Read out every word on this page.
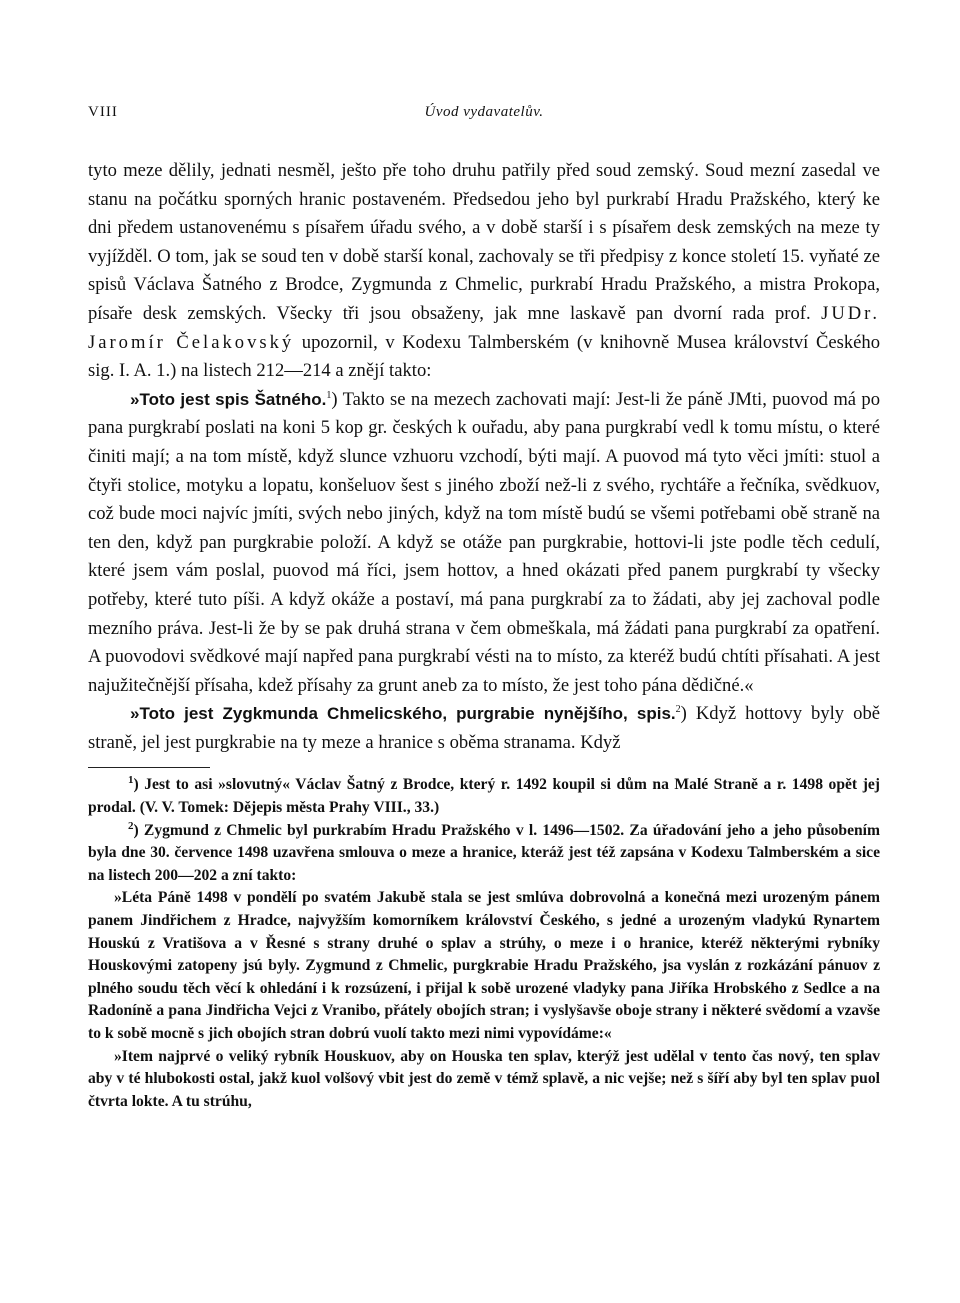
VIII	Úvod vydavatelův.

tyto meze dělily, jednati nesměl, ješto pře toho druhu patřily před soud zemský. Soud mezní zasedal ve stanu na počátku sporných hranic postaveném. Předsedou jeho byl purkrabí Hradu Pražského, který ke dni předem ustanovenému s písařem úřadu svého, a v době starší i s písařem desk zemských na meze ty vyjížděl. O tom, jak se soud ten v době starší konal, zachovaly se tři předpisy z konce století 15. vyňaté ze spisů Václava Šatného z Brodce, Zygmunda z Chmelic, purkrabí Hradu Pražského, a mistra Prokopa, písaře desk zemských. Všecky tři jsou obsaženy, jak mne laskavě pan dvorní rada prof. JUDr. Jaromír Čelakovský upozornil, v Kodexu Talmberském (v knihovně Musea království Českého sig. I. A. 1.) na listech 212—214 a znějí takto:

»Toto jest spis Šatného.$^1$) Takto se na mezech zachovati mají: Jest-li že páně JMti, puovod má po pana purgkrabí poslati na koni 5 kop gr. českých k ouřadu, aby pana purgkrabí vedl k tomu místu, o které činiti mají; a na tom místě, když slunce vzhuoru vzchodí, býti mají. A puovod má tyto věci jmíti: stuol a čtyři stolice, motyku a lopatu, konšeluov šest s jiného zboží než-li z svého, rychtáře a řečníka, svědkuov, což bude moci najvíc jmíti, svých nebo jiných, když na tom místě budú se všemi potřebami obě straně na ten den, když pan purgkrabie položí. A když se otáže pan purgkrabie, hottovi-li jste podle těch cedulí, které jsem vám poslal, puovod má říci, jsem hottov, a hned okázati před panem purgkrabí ty všecky potřeby, které tuto píši. A když okáže a postaví, má pana purgkrabí za to žádati, aby jej zachoval podle mezního práva. Jest-li že by se pak druhá strana v čem obmeškala, má žádati pana purgkrabí za opatření. A puovodovi svědkové mají napřed pana purgkrabí vésti na to místo, za kteréž budú chtíti přísahati. A jest najužitečnější přísaha, kdež přísahy za grunt aneb za to místo, že jest toho pána dědičné.«

»Toto jest Zygkmunda Chmelicského, purgrabie nynějšího, spis.$^2$) Když hottovy byly obě straně, jel jest purgkrabie na ty meze a hranice s oběma stranama. Když

$^1$) Jest to asi »slovutný« Václav Šatný z Brodce, který r. 1492 koupil si dům na Malé Straně a r. 1498 opět jej prodal. (V. V. Tomek: Dějepis města Prahy VIII., 33.)

$^2$) Zygmund z Chmelic byl purkrabím Hradu Pražského v l. 1496—1502. Za úřadování jeho a jeho působením byla dne 30. července 1498 uzavřena smlouva o meze a hranice, kteráž jest též zapsána v Kodexu Talmberském a sice na listech 200—202 a zní takto:

»Léta Páně 1498 v pondělí po svatém Jakubě stala se jest smlúva dobrovolná a konečná mezi urozeným pánem panem Jindřichem z Hradce, najvyžším komorníkem království Českého, s jedné a urozeným vladykú Rynartem Houskú z Vratišova a v Řesné s strany druhé o splav a strúhy, o meze i o hranice, kteréž některými rybníky Houskovými zatopeny jsú byly. Zygmund z Chmelic, purgkrabie Hradu Pražského, jsa vyslán z rozkázání pánuov z plného soudu těch věcí k ohledání i k rozsúzení, i přijal k sobě urozené vladyky pana Jiříka Hrobského z Sedlce a na Radoníně a pana Jindřicha Vejci z Vranibo, přátely obojích stran; i vyslyšavše oboje strany i některé svědomí a vzavše to k sobě mocně s jich obojích stran dobrú vuolí takto mezi nimi vypovídáme:«

»Item najprvé o veliký rybník Houskuov, aby on Houska ten splav, kterýž jest udělal v tento čas nový, ten splav aby v té hlubokosti ostal, jakž kuol volšový vbit jest do země v témž splavě, a nic vejše; než s šíří aby byl ten splav puol čtvrta lokte. A tu strúhu,
